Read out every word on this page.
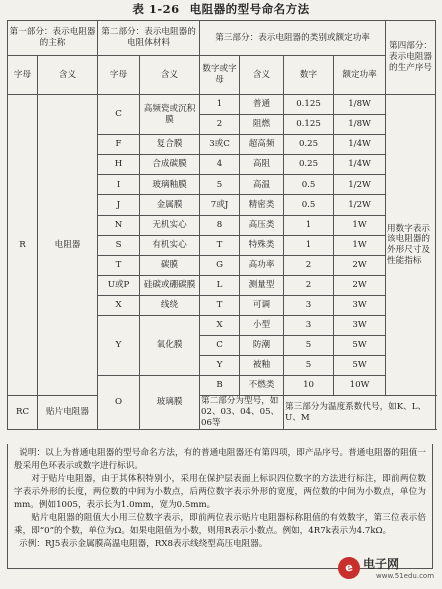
表 1-26 电阻器的型号命名方法
第一部分：表示电阻器的主称		第二部分：表示电阻器的电阻体材料		第三部分：表示电阻器的类别或额定功率				第四部分：表示电阻器的生产序号
字母	含义	字母	含义	数字或字母	含义	数字	额定功率	
R	电阻器	C	高频瓷或沉积膜	1	普通	0.125	1/8W	用数字表示该电阻器的外形尺寸及性能指标
				2	阻燃	0.125	1/8W	
		F	复合膜	3或C	超高频	0.25	1/4W	
		H	合成碳膜	4	高阻	0.25	1/4W	
		I	玻璃釉膜	5	高温	0.5	1/2W	
		J	金属膜	7或J	精密类	0.5	1/2W	
		N	无机实心	8	高压类	1	1W	
		S	有机实心	T	特殊类	1	1W	
		T	碳膜	G	高功率	2	2W	
		U或P	硅碳或硼碳膜	L	测量型	2	2W	
		X	线绕	T	可调	3	3W	
		Y	氧化膜	X	小型	3	3W	
				C	防潮	5	5W	
				Y	被釉	5	5W	
		O	玻璃膜	B	不燃类	10	10W	
RC	贴片电阻器			第二部分为型号，如02、03、04、05、06等		第三部分为温度系数代号，如K、L、U、M		

说明：以上为普通电阻器的型号命名方法，有的普通电阻器还有第四项，即产品序号。普通电阻器的阻值一般采用色环表示或数字进行标识。

对于贴片电阻器，由于其体积特别小，采用在保护层表面上标识四位数字的方法进行标注，即前两位数字表示外形的长度，两位数的中间为小数点，后两位数字表示外形的宽度，两位数的中间为小数点，单位为mm。例如1005，表示长为1.0mm，宽为0.5mm。

贴片电阻器的阻值大小用三位数字表示，即前两位表示贴片电阻器标称阻值的有效数字，第三位表示倍乘，即“0”的个数，单位为Ω。如果电阻值为小数，则用R表示小数点。例如，4R7k表示为4.7kΩ。

示例：RJ5表示金属膜高温电阻器，RX8表示线绕型高压电阻器。

e 电子网
www.51edu.com
